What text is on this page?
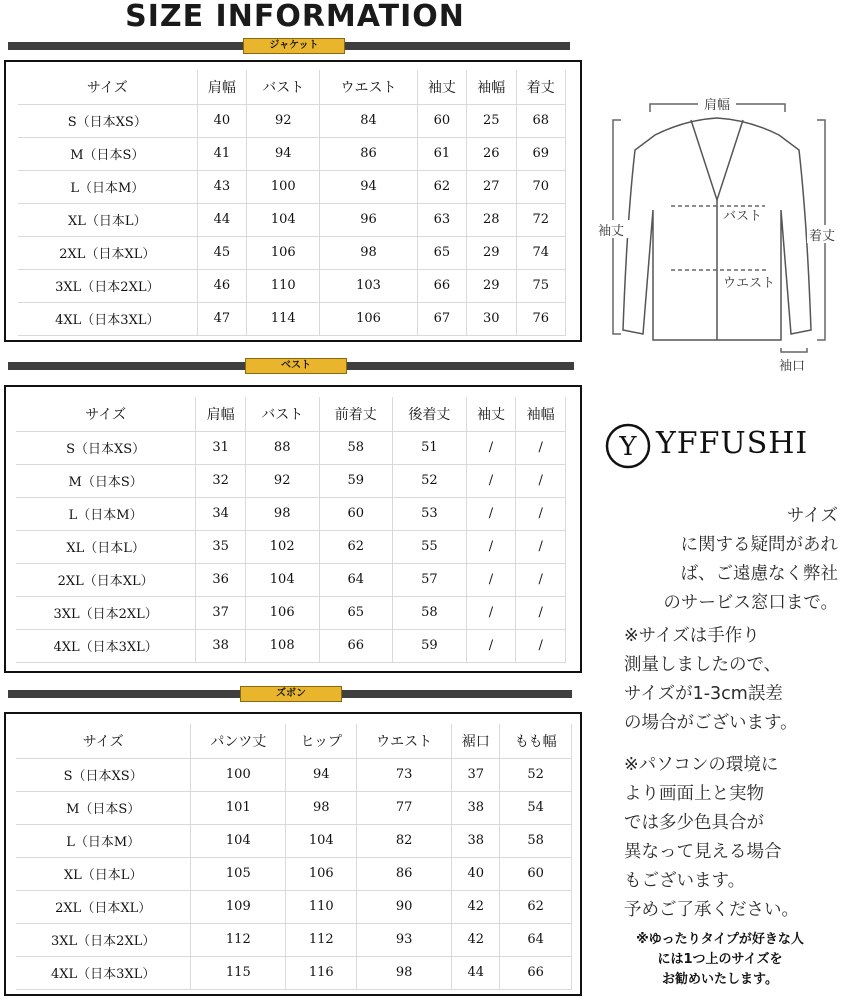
SIZE INFORMATION
ジャケット
サイズ	肩幅	バスト	ウエスト	袖丈	袖幅	着丈
S（日本XS）	40	92	84	60	25	68
M（日本S）	41	94	86	61	26	69
L（日本M）	43	100	94	62	27	70
XL（日本L）	44	104	96	63	28	72
2XL（日本XL）	45	106	98	65	29	74
3XL（日本2XL）	46	110	103	66	29	75
4XL（日本3XL）	47	114	106	67	30	76
ベスト
サイズ	肩幅	バスト	前着丈	後着丈	袖丈	袖幅
S（日本XS）	31	88	58	51	/	/
M（日本S）	32	92	59	52	/	/
L（日本M）	34	98	60	53	/	/
XL（日本L）	35	102	62	55	/	/
2XL（日本XL）	36	104	64	57	/	/
3XL（日本2XL）	37	106	65	58	/	/
4XL（日本3XL）	38	108	66	59	/	/
ズボン
サイズ	パンツ丈	ヒップ	ウエスト	裾口	もも幅
S（日本XS）	100	94	73	37	52
M（日本S）	101	98	77	38	54
L（日本M）	104	104	82	38	58
XL（日本L）	105	106	86	40	60
2XL（日本XL）	109	110	90	42	62
3XL（日本2XL）	112	112	93	42	64
4XL（日本3XL）	115	116	98	44	66
肩幅
バスト
ウエスト
袖丈	着丈
袖口
Y YFFUSHI
サイズ
に関する疑問があれ
ば、ご遠慮なく弊社
のサービス窓口まで。
※サイズは手作り
測量しましたので、
サイズが1-3cm誤差
の場合がございます。
※パソコンの環境に
より画面上と実物
では多少色具合が
異なって見える場合
もございます。
予めご了承ください。
※ゆったりタイプが好きな人
には1つ上のサイズを
お勧めいたします。
